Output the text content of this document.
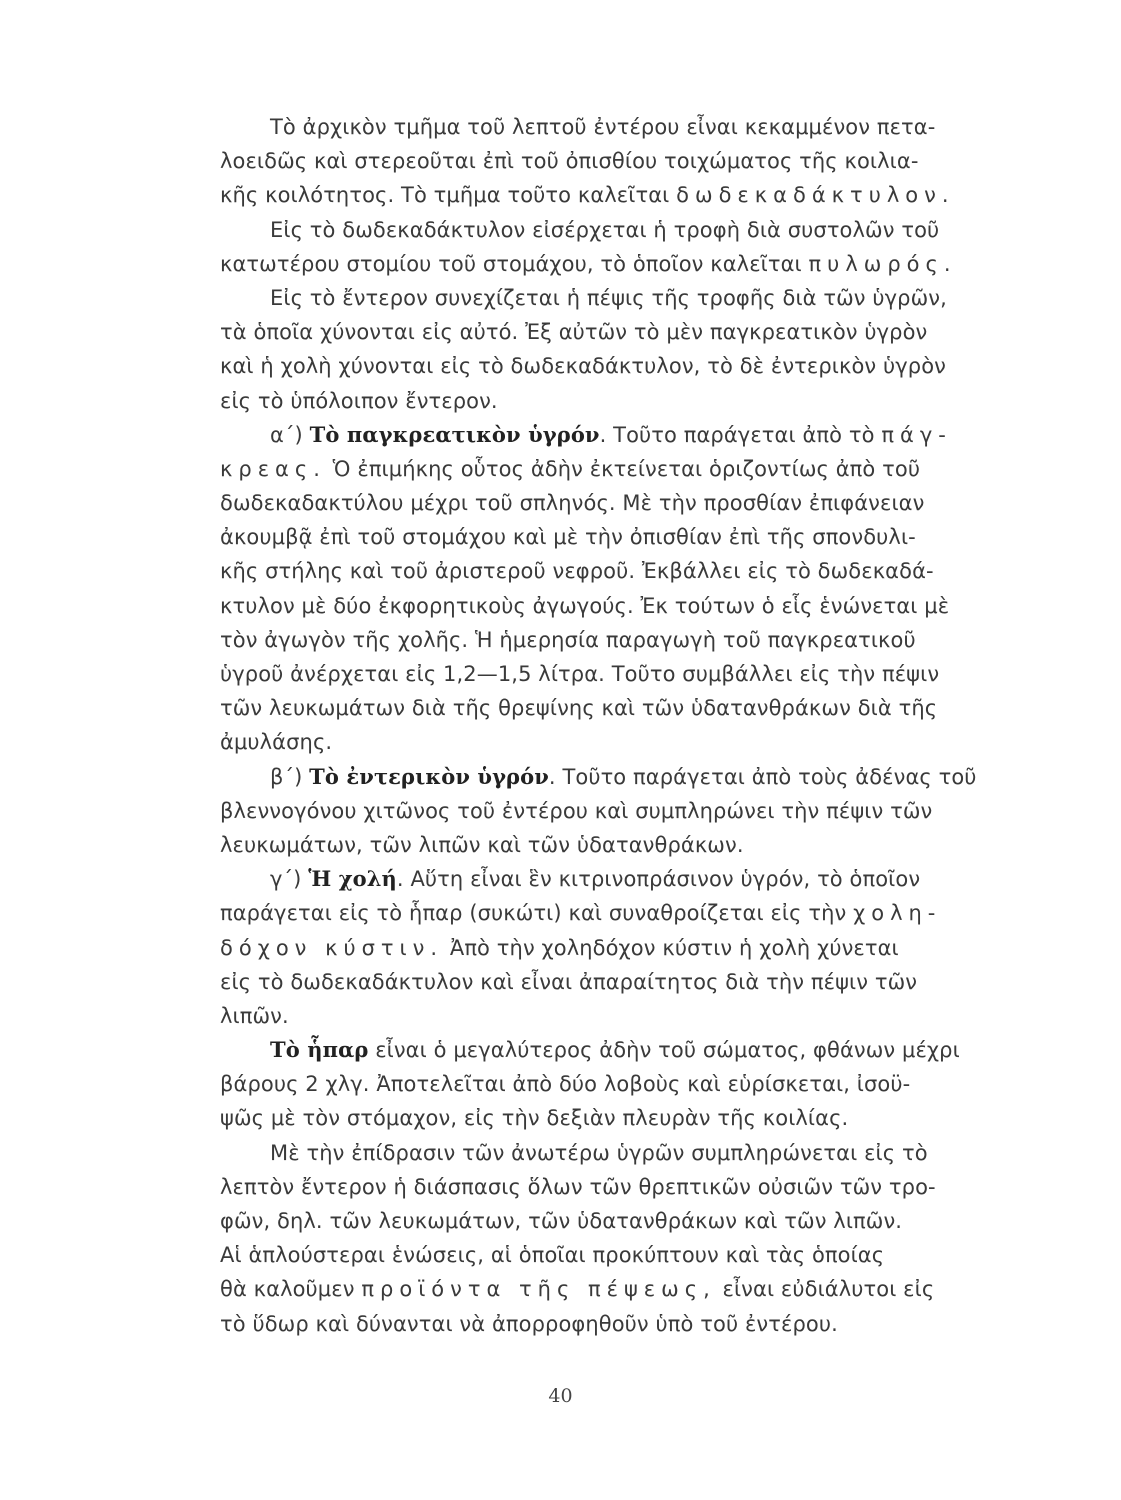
Τὸ ἀρχικὸν τμῆμα τοῦ λεπτοῦ ἐντέρου εἶναι κεκαμμένον πετα-
λοειδῶς καὶ στερεοῦται ἐπὶ τοῦ ὀπισθίου τοιχώματος τῆς κοιλια-
κῆς κοιλότητος. Τὸ τμῆμα τοῦτο καλεῖται δωδεκαδάκτυλον.
Εἰς τὸ δωδεκαδάκτυλον εἰσέρχεται ἡ τροφὴ διὰ συστολῶν τοῦ
κατωτέρου στομίου τοῦ στομάχου, τὸ ὁποῖον καλεῖται πυλωρός.
Εἰς τὸ ἔντερον συνεχίζεται ἡ πέψις τῆς τροφῆς διὰ τῶν ὑγρῶν,
τὰ ὁποῖα χύνονται εἰς αὐτό. Ἐξ αὐτῶν τὸ μὲν παγκρεατικὸν ὑγρὸν
καὶ ἡ χολὴ χύνονται εἰς τὸ δωδεκαδάκτυλον, τὸ δὲ ἐντερικὸν ὑγρὸν
εἰς τὸ ὑπόλοιπον ἔντερον.
α΄) Τὸ παγκρεατικὸν ὑγρόν. Τοῦτο παράγεται ἀπὸ τὸ πάγ-
κρεας. Ὁ ἐπιμήκης οὗτος ἀδὴν ἐκτείνεται ὁριζοντίως ἀπὸ τοῦ
δωδεκαδακτύλου μέχρι τοῦ σπληνός. Μὲ τὴν προσθίαν ἐπιφάνειαν
ἀκουμβᾷ ἐπὶ τοῦ στομάχου καὶ μὲ τὴν ὀπισθίαν ἐπὶ τῆς σπονδυλι-
κῆς στήλης καὶ τοῦ ἀριστεροῦ νεφροῦ. Ἐκβάλλει εἰς τὸ δωδεκαδά-
κτυλον μὲ δύο ἐκφορητικοὺς ἀγωγούς. Ἐκ τούτων ὁ εἷς ἑνώνεται μὲ
τὸν ἀγωγὸν τῆς χολῆς. Ἡ ἡμερησία παραγωγὴ τοῦ παγκρεατικοῦ
ὑγροῦ ἀνέρχεται εἰς 1,2—1,5 λίτρα. Τοῦτο συμβάλλει εἰς τὴν πέψιν
τῶν λευκωμάτων διὰ τῆς θρεψίνης καὶ τῶν ὑδατανθράκων διὰ τῆς
ἀμυλάσης.
β΄) Τὸ ἐντερικὸν ὑγρόν. Τοῦτο παράγεται ἀπὸ τοὺς ἀδένας τοῦ
βλεννογόνου χιτῶνος τοῦ ἐντέρου καὶ συμπληρώνει τὴν πέψιν τῶν
λευκωμάτων, τῶν λιπῶν καὶ τῶν ὑδατανθράκων.
γ΄) Ἡ χολή. Αὕτη εἶναι ἓν κιτρινοπράσινον ὑγρόν, τὸ ὁποῖον
παράγεται εἰς τὸ ἧπαρ (συκώτι) καὶ συναθροίζεται εἰς τὴν χολη-
δόχον κύστιν. Ἀπὸ τὴν χοληδόχον κύστιν ἡ χολὴ χύνεται
εἰς τὸ δωδεκαδάκτυλον καὶ εἶναι ἀπαραίτητος διὰ τὴν πέψιν τῶν
λιπῶν.
Τὸ ἧπαρ εἶναι ὁ μεγαλύτερος ἀδὴν τοῦ σώματος, φθάνων μέχρι
βάρους 2 χλγ. Ἀποτελεῖται ἀπὸ δύο λοβοὺς καὶ εὑρίσκεται, ἰσοϋ-
ψῶς μὲ τὸν στόμαχον, εἰς τὴν δεξιὰν πλευρὰν τῆς κοιλίας.
Μὲ τὴν ἐπίδρασιν τῶν ἀνωτέρω ὑγρῶν συμπληρώνεται εἰς τὸ
λεπτὸν ἔντερον ἡ διάσπασις ὅλων τῶν θρεπτικῶν οὐσιῶν τῶν τρο-
φῶν, δηλ. τῶν λευκωμάτων, τῶν ὑδατανθράκων καὶ τῶν λιπῶν.
Αἱ ἁπλούστεραι ἑνώσεις, αἱ ὁποῖαι προκύπτουν καὶ τὰς ὁποίας
θὰ καλοῦμεν προϊόντα τῆς πέψεως, εἶναι εὐδιάλυτοι εἰς
τὸ ὕδωρ καὶ δύνανται νὰ ἀπορροφηθοῦν ὑπὸ τοῦ ἐντέρου.
40
